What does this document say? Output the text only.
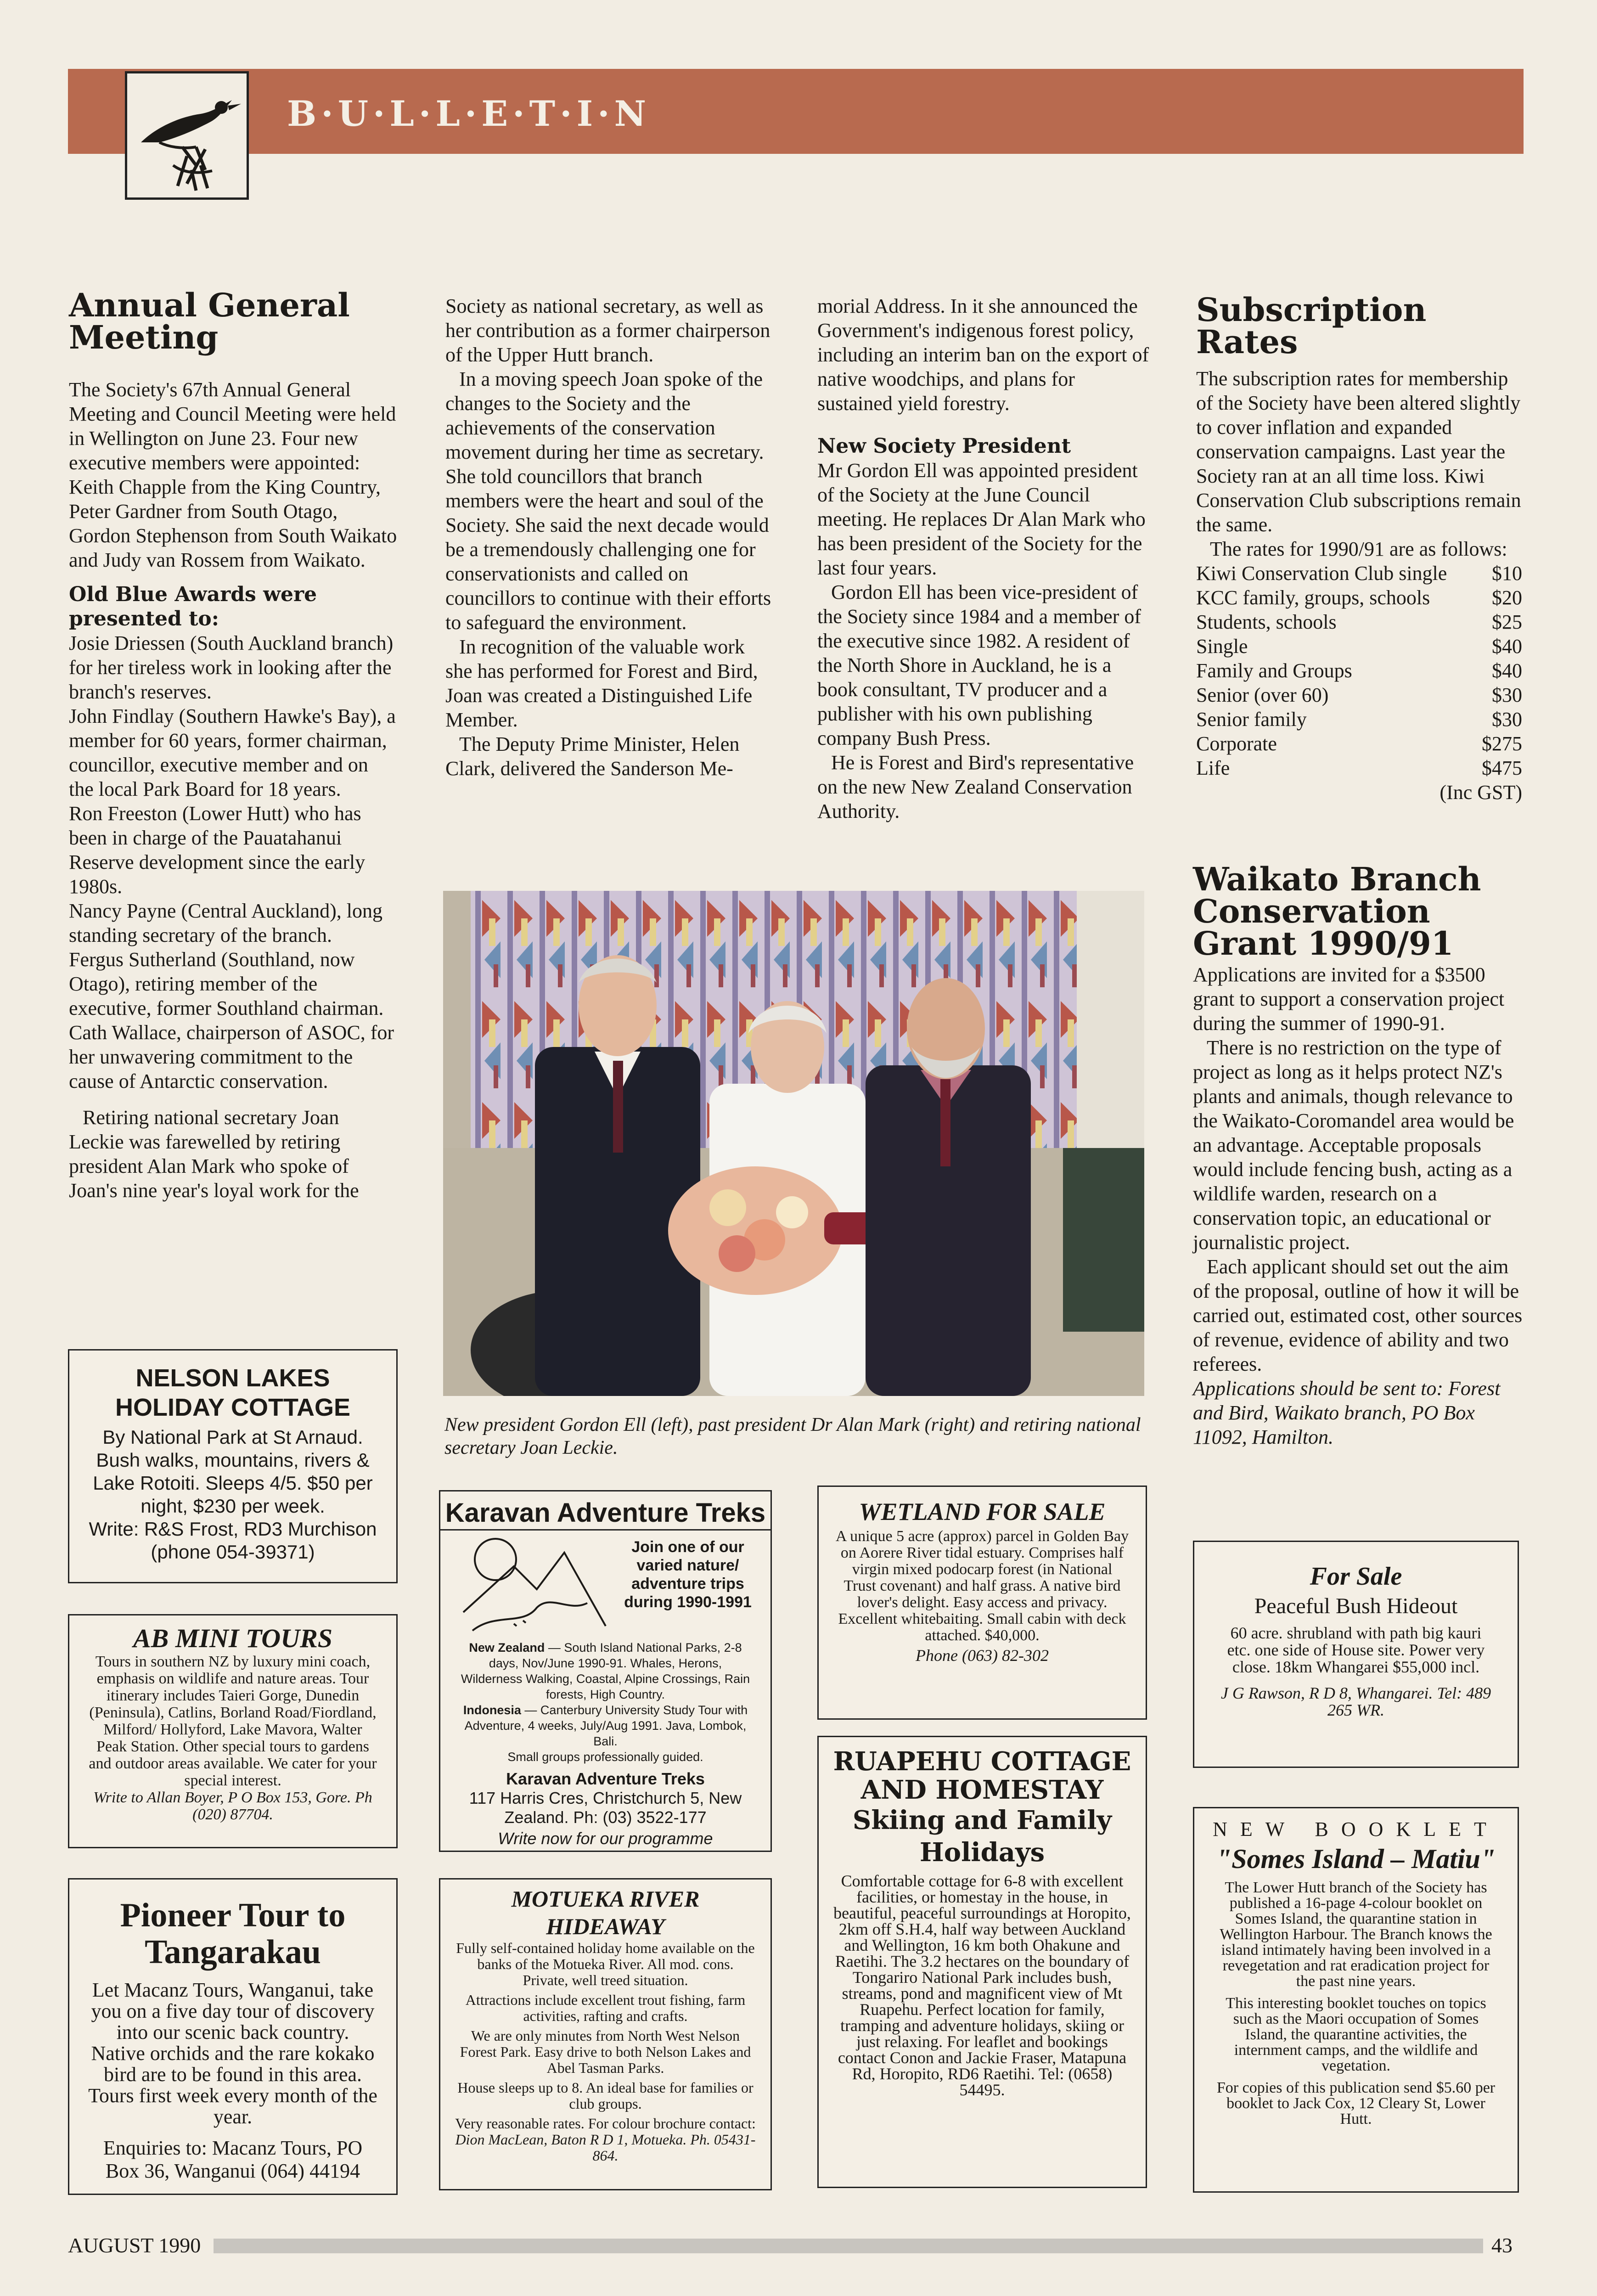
B·U·L·L·E·T·I·N
Annual General Meeting

The Society's 67th Annual General Meeting and Council Meeting were held in Wellington on June 23. Four new executive members were appointed: Keith Chapple from the King Country, Peter Gardner from South Otago, Gordon Stephenson from South Waikato and Judy van Rossem from Waikato.

Old Blue Awards were presented to:

Josie Driessen (South Auckland branch) for her tireless work in looking after the branch's reserves.

John Findlay (Southern Hawke's Bay), a member for 60 years, former chairman, councillor, executive member and on the local Park Board for 18 years.

Ron Freeston (Lower Hutt) who has been in charge of the Pauatahanui Reserve development since the early 1980s.

Nancy Payne (Central Auckland), long standing secretary of the branch.

Fergus Sutherland (Southland, now Otago), retiring member of the executive, former Southland chairman.

Cath Wallace, chairperson of ASOC, for her unwavering commitment to the cause of Antarctic conservation.

Retiring national secretary Joan Leckie was farewelled by retiring president Alan Mark who spoke of Joan's nine year's loyal work for the

Society as national secretary, as well as her contribution as a former chairperson of the Upper Hutt branch.

In a moving speech Joan spoke of the changes to the Society and the achievements of the conservation movement during her time as secretary. She told councillors that branch members were the heart and soul of the Society. She said the next decade would be a tremendously challenging one for conservationists and called on councillors to continue with their efforts to safeguard the environment.

In recognition of the valuable work she has performed for Forest and Bird, Joan was created a Distinguished Life Member.

The Deputy Prime Minister, Helen Clark, delivered the Sanderson Me-

morial Address. In it she announced the Government's indigenous forest policy, including an interim ban on the export of native woodchips, and plans for sustained yield forestry.

New Society President

Mr Gordon Ell was appointed president of the Society at the June Council meeting. He replaces Dr Alan Mark who has been president of the Society for the last four years.

Gordon Ell has been vice-president of the Society since 1984 and a member of the executive since 1982. A resident of the North Shore in Auckland, he is a book consultant, TV producer and a publisher with his own publishing company Bush Press.

He is Forest and Bird's representative on the new New Zealand Conservation Authority.

New president Gordon Ell (left), past president Dr Alan Mark (right) and retiring national secretary Joan Leckie.
Subscription Rates

The subscription rates for membership of the Society have been altered slightly to cover inflation and expanded conservation campaigns. Last year the Society ran at an all time loss. Kiwi Conservation Club subscriptions remain the same.

The rates for 1990/91 are as follows:

Kiwi Conservation Club single $10
KCC family, groups, schools	$20
Students, schools	$25
Single	$40
Family and Groups	$40
Senior (over 60)	$30
Senior family	$30
Corporate	$275
Life	$475
(Inc GST)
Waikato Branch Conservation Grant 1990/91

Applications are invited for a $3500 grant to support a conservation project during the summer of 1990-91.

There is no restriction on the type of project as long as it helps protect NZ's plants and animals, though relevance to the Waikato-Coromandel area would be an advantage. Acceptable proposals would include fencing bush, acting as a wildlife warden, research on a conservation topic, an educational or journalistic project.

Each applicant should set out the aim of the proposal, outline of how it will be carried out, estimated cost, other sources of revenue, evidence of ability and two referees.

Applications should be sent to: Forest and Bird, Waikato branch, PO Box 11092, Hamilton.

NELSON LAKES HOLIDAY COTTAGE
By National Park at St Arnaud. Bush walks, mountains, rivers & Lake Rotoiti. Sleeps 4/5. $50 per night, $230 per week.
Write: R&S Frost, RD3 Murchison (phone 054-39371)
AB MINI TOURS
Tours in southern NZ by luxury mini coach, emphasis on wildlife and nature areas. Tour itinerary includes Taieri Gorge, Dunedin (Peninsula), Catlins, Borland Road/Fiordland, Milford/ Hollyford, Lake Mavora, Walter Peak Station. Other special tours to gardens and outdoor areas available. We cater for your special interest.
Write to Allan Boyer, P O Box 153, Gore. Ph (020) 87704.
Pioneer Tour to Tangarakau
Let Macanz Tours, Wanganui, take you on a five day tour of discovery into our scenic back country. Native orchids and the rare kokako bird are to be found in this area. Tours first week every month of the year.
Enquiries to: Macanz Tours, PO Box 36, Wanganui (064) 44194
Karavan Adventure Treks
Join one of our varied nature/ adventure trips during 1990-1991
New Zealand — South Island National Parks, 2-8 days, Nov/June 1990-91. Whales, Herons, Wilderness Walking, Coastal, Alpine Crossings, Rain forests, High Country.
Indonesia — Canterbury University Study Tour with Adventure, 4 weeks, July/Aug 1991. Java, Lombok, Bali.
Small groups professionally guided.
Karavan Adventure Treks
117 Harris Cres, Christchurch 5, New Zealand. Ph: (03) 3522-177
Write now for our programme
MOTUEKA RIVER HIDEAWAY
Fully self-contained holiday home available on the banks of the Motueka River. All mod. cons. Private, well treed situation.
Attractions include excellent trout fishing, farm activities, rafting and crafts.
We are only minutes from North West Nelson Forest Park. Easy drive to both Nelson Lakes and Abel Tasman Parks.
House sleeps up to 8. An ideal base for families or club groups.
Very reasonable rates. For colour brochure contact:
Dion MacLean, Baton R D 1, Motueka. Ph. 05431-864.
WETLAND FOR SALE
A unique 5 acre (approx) parcel in Golden Bay on Aorere River tidal estuary. Comprises half virgin mixed podocarp forest (in National Trust covenant) and half grass. A native bird lover's delight. Easy access and privacy. Excellent whitebaiting. Small cabin with deck attached. $40,000.
Phone (063) 82-302
RUAPEHU COTTAGE AND HOMESTAY
Skiing and Family Holidays
Comfortable cottage for 6-8 with excellent facilities, or homestay in the house, in beautiful, peaceful surroundings at Horopito, 2km off S.H.4, half way between Auckland and Wellington, 16 km both Ohakune and Raetihi. The 3.2 hectares on the boundary of Tongariro National Park includes bush, streams, pond and magnificent view of Mt Ruapehu. Perfect location for family, tramping and adventure holidays, skiing or just relaxing. For leaflet and bookings contact Conon and Jackie Fraser, Matapuna Rd, Horopito, RD6 Raetihi. Tel: (0658) 54495.
For Sale
Peaceful Bush Hideout
60 acre. shrubland with path big kauri etc. one side of House site. Power very close. 18km Whangarei $55,000 incl.
J G Rawson, R D 8, Whangarei. Tel: 489 265 WR.
NEW BOOKLET
"Somes Island – Matiu"
The Lower Hutt branch of the Society has published a 16-page 4-colour booklet on Somes Island, the quarantine station in Wellington Harbour. The Branch knows the island intimately having been involved in a revegetation and rat eradication project for the past nine years.
This interesting booklet touches on topics such as the Maori occupation of Somes Island, the quarantine activities, the internment camps, and the wildlife and vegetation.
For copies of this publication send $5.60 per booklet to Jack Cox, 12 Cleary St, Lower Hutt.
AUGUST 1990	43
